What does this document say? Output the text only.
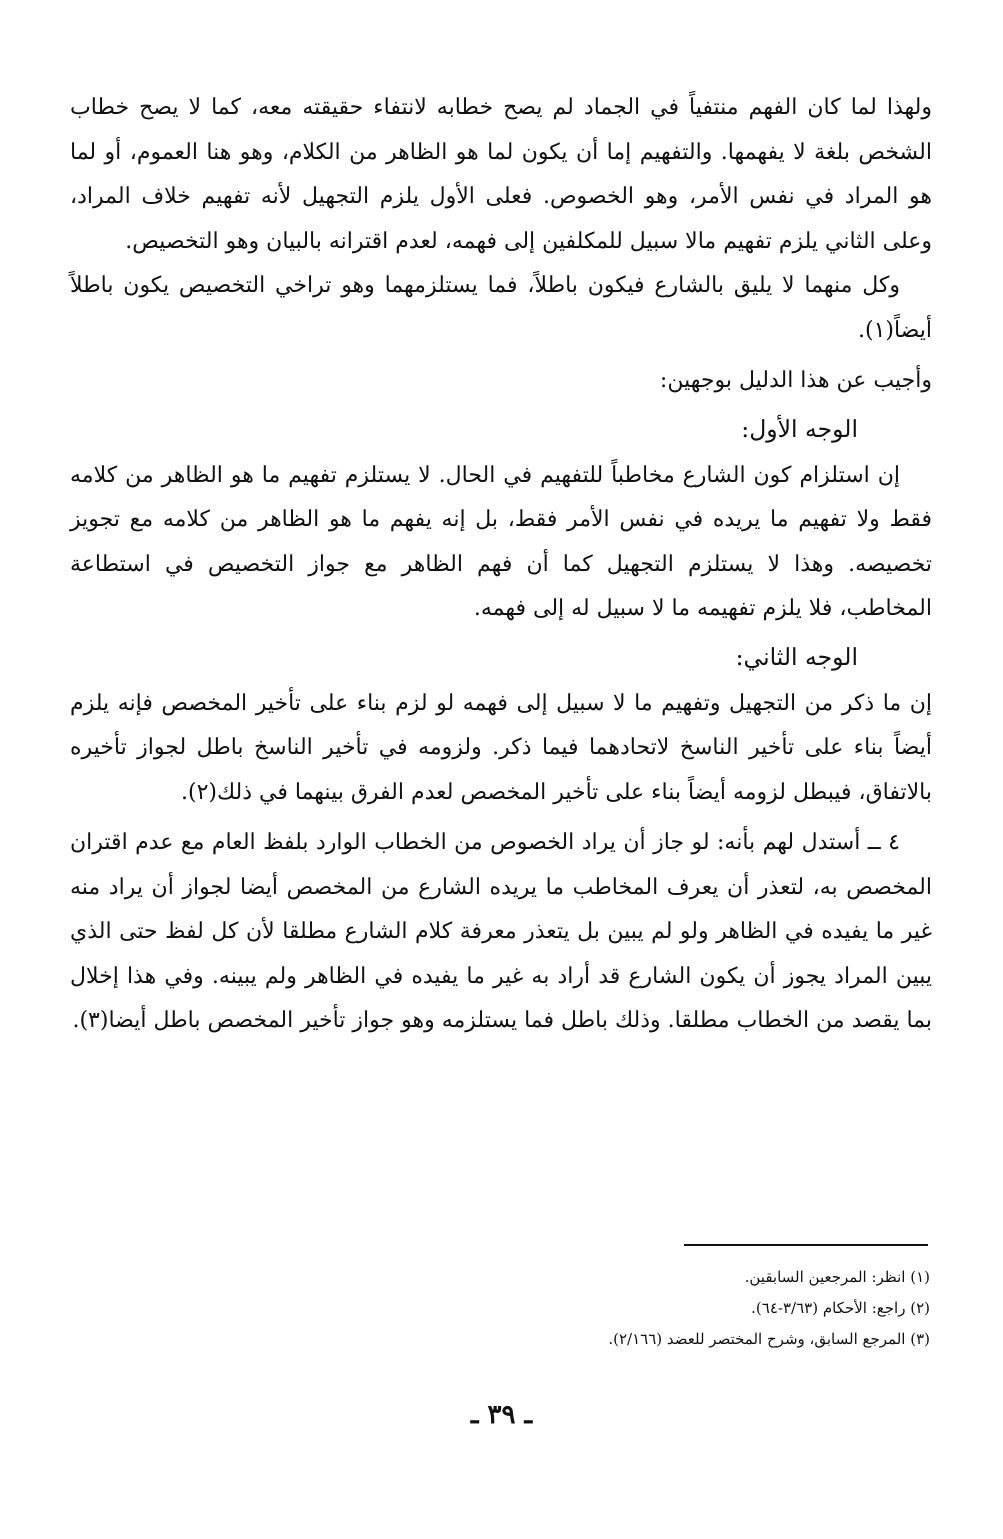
ولهذا لما كان الفهم منتفياً في الجماد لم يصح خطابه لانتفاء حقيقته معه، كما لا يصح خطاب الشخص بلغة لا يفهمها. والتفهيم إما أن يكون لما هو الظاهر من الكلام، وهو هنا العموم، أو لما هو المراد في نفس الأمر، وهو الخصوص. فعلى الأول يلزم التجهيل لأنه تفهيم خلاف المراد، وعلى الثاني يلزم تفهيم مالا سبيل للمكلفين إلى فهمه، لعدم اقترانه بالبيان وهو التخصيص.

وكل منهما لا يليق بالشارع فيكون باطلاً، فما يستلزمهما وهو تراخي التخصيص يكون باطلاً أيضاً(١).

وأجيب عن هذا الدليل بوجهين:

الوجه الأول:

إن استلزام كون الشارع مخاطباً للتفهيم في الحال. لا يستلزم تفهيم ما هو الظاهر من كلامه فقط ولا تفهيم ما يريده في نفس الأمر فقط، بل إنه يفهم ما هو الظاهر من كلامه مع تجويز تخصيصه. وهذا لا يستلزم التجهيل كما أن فهم الظاهر مع جواز التخصيص في استطاعة المخاطب، فلا يلزم تفهيمه ما لا سبيل له إلى فهمه.

الوجه الثاني:

إن ما ذكر من التجهيل وتفهيم ما لا سبيل إلى فهمه لو لزم بناء على تأخير المخصص فإنه يلزم أيضاً بناء على تأخير الناسخ لاتحادهما فيما ذكر. ولزومه في تأخير الناسخ باطل لجواز تأخيره بالاتفاق، فيبطل لزومه أيضاً بناء على تأخير المخصص لعدم الفرق بينهما في ذلك(٢).

٤ ــ أستدل لهم بأنه: لو جاز أن يراد الخصوص من الخطاب الوارد بلفظ العام مع عدم اقتران المخصص به، لتعذر أن يعرف المخاطب ما يريده الشارع من المخصص أيضا لجواز أن يراد منه غير ما يفيده في الظاهر ولو لم يبين بل يتعذر معرفة كلام الشارع مطلقا لأن كل لفظ حتى الذي يبين المراد يجوز أن يكون الشارع قد أراد به غير ما يفيده في الظاهر ولم يبينه. وفي هذا إخلال بما يقصد من الخطاب مطلقا. وذلك باطل فما يستلزمه وهو جواز تأخير المخصص باطل أيضا(٣).

(١) انظر: المرجعين السابقين.

(٢) راجع: الأحكام (٣/٦٣-٦٤).

(٣) المرجع السابق، وشرح المختصر للعضد (٢/١٦٦).

ـ ٣٩ ـ
